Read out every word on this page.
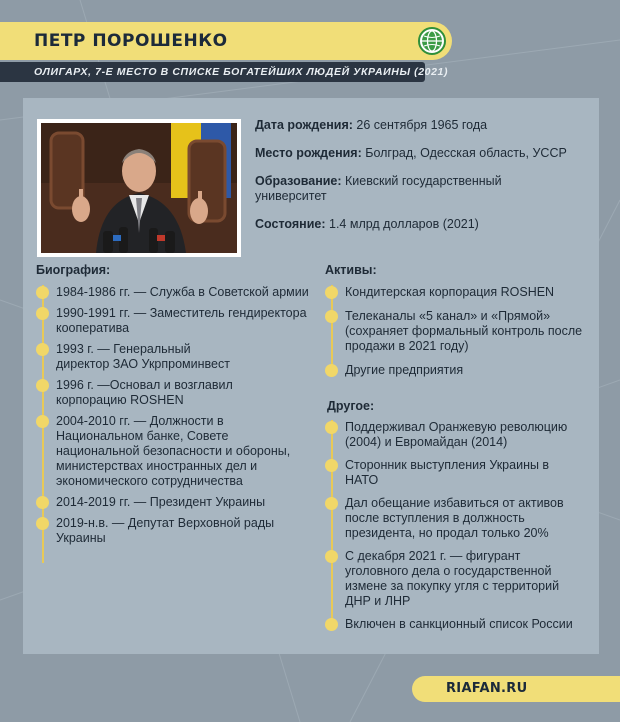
ПЕТР ПОРОШЕНКО
ОЛИГАРХ, 7-Е МЕСТО В СПИСКЕ БОГАТЕЙШИХ ЛЮДЕЙ УКРАИНЫ (2021)
Дата рождения: 26 сентября 1965 года
Место рождения: Болград, Одесская область, УССР
Образование: Киевский государственный университет
Состояние: 1.4 млрд долларов (2021)
Биография:
1984-1986 гг. — Служба в Советской армии
1990-1991 гг. — Заместитель гендиректора кооператива
1993 г. — Генеральный директор ЗАО Укрпроминвест
1996 г. —Основал и возглавил корпорацию ROSHEN
2004-2010 гг. — Должности в Национальном банке, Совете национальной безопасности и обороны, министерствах иностранных дел и экономического сотрудничества
2014-2019 гг. — Президент Украины
2019-н.в. — Депутат Верховной рады Украины
Активы:
Кондитерская корпорация ROSHEN
Телеканалы «5 канал» и «Прямой» (сохраняет формальный контроль после продажи в 2021 году)
Другие предприятия
Другое:
Поддерживал Оранжевую революцию (2004) и Евромайдан (2014)
Сторонник выступления Украины в НАТО
Дал обещание избавиться от активов после вступления в должность президента, но продал только 20%
С декабря 2021 г. — фигурант уголовного дела о государственной измене за покупку угля с территорий ДНР и ЛНР
Включен в санкционный список России
RIAFAN.RU
